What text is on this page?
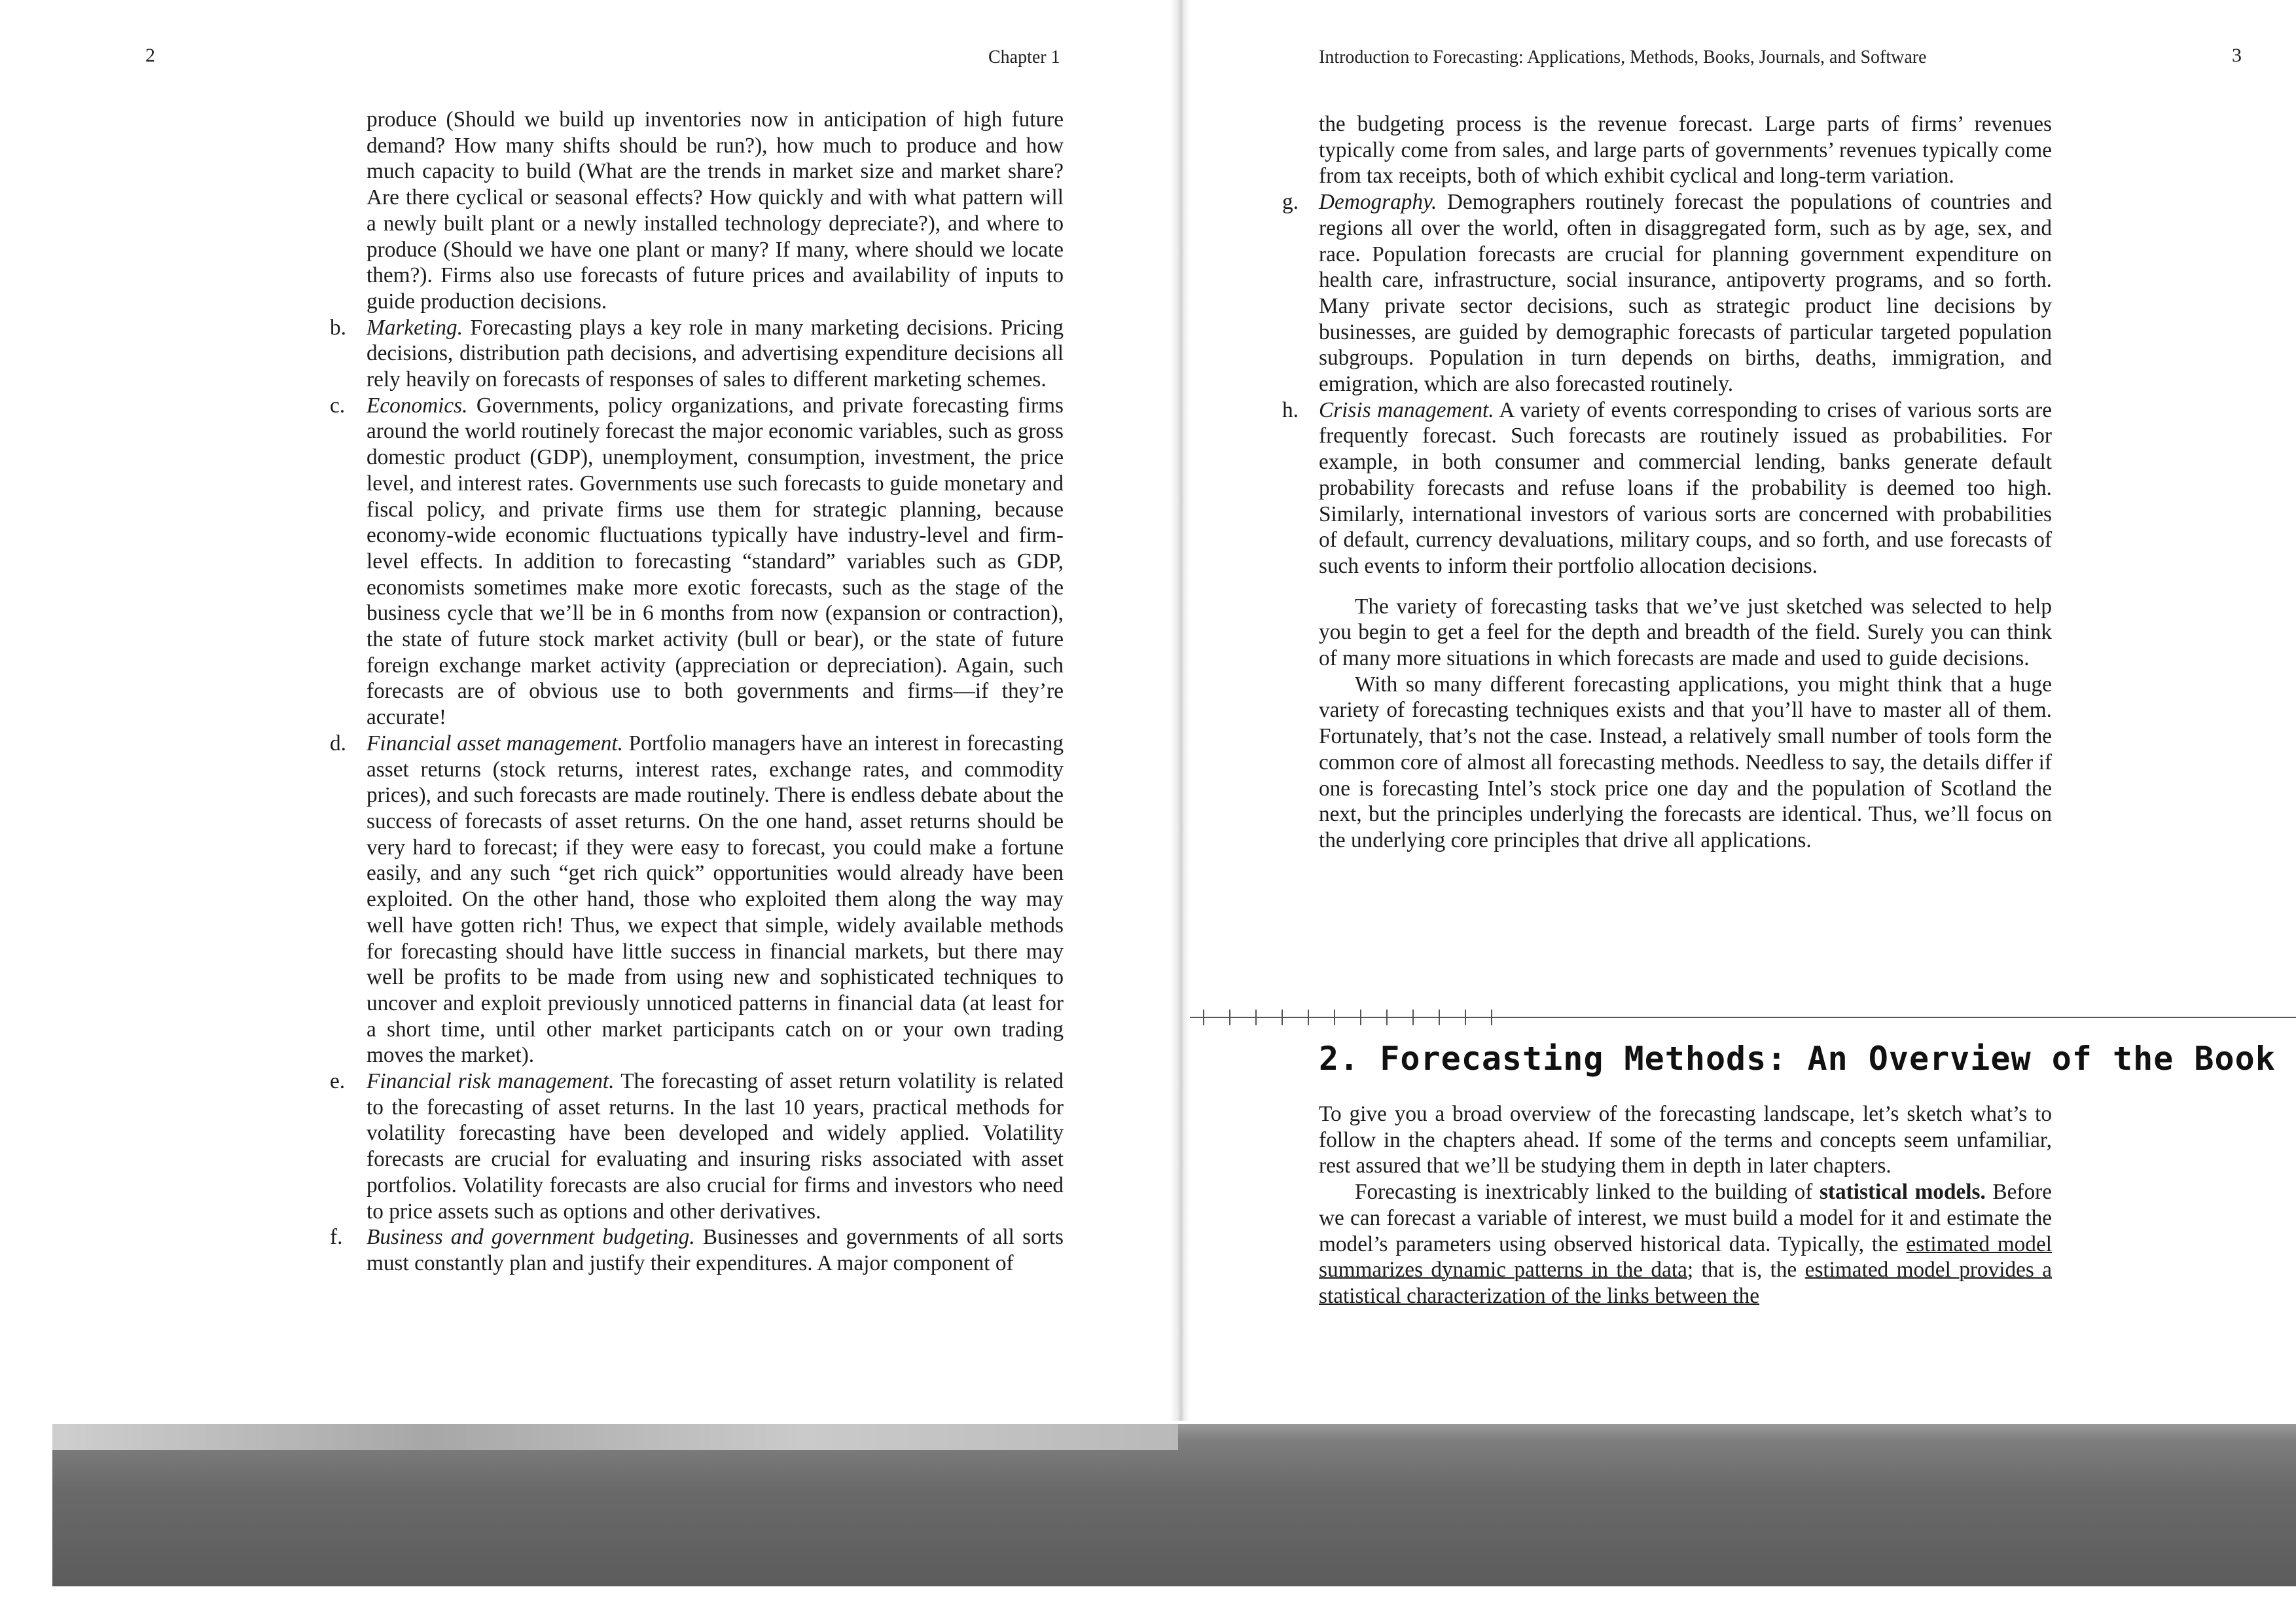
2	Chapter 1

produce (Should we build up inventories now in anticipation of high future demand? How many shifts should be run?), how much to produce and how much capacity to build (What are the trends in market size and market share? Are there cyclical or seasonal effects? How quickly and with what pattern will a newly built plant or a newly installed technology depreciate?), and where to produce (Should we have one plant or many? If many, where should we locate them?). Firms also use forecasts of future prices and availability of inputs to guide production decisions.

b. Marketing. Forecasting plays a key role in many marketing decisions. Pricing decisions, distribution path decisions, and advertising expenditure decisions all rely heavily on forecasts of responses of sales to different marketing schemes.
c. Economics. Governments, policy organizations, and private forecasting firms around the world routinely forecast the major economic variables, such as gross domestic product (GDP), unemployment, consumption, investment, the price level, and interest rates. Governments use such forecasts to guide monetary and fiscal policy, and private firms use them for strategic planning, because economy-wide economic fluctuations typically have industry-level and firm-level effects. In addition to forecasting “standard” variables such as GDP, economists sometimes make more exotic forecasts, such as the stage of the business cycle that we’ll be in 6 months from now (expansion or contraction), the state of future stock market activity (bull or bear), or the state of future foreign exchange market activity (appreciation or depreciation). Again, such forecasts are of obvious use to both governments and firms—if they’re accurate!
d. Financial asset management. Portfolio managers have an interest in forecasting asset returns (stock returns, interest rates, exchange rates, and commodity prices), and such forecasts are made routinely. There is endless debate about the success of forecasts of asset returns. On the one hand, asset returns should be very hard to forecast; if they were easy to forecast, you could make a fortune easily, and any such “get rich quick” opportunities would already have been exploited. On the other hand, those who exploited them along the way may well have gotten rich! Thus, we expect that simple, widely available methods for forecasting should have little success in financial markets, but there may well be profits to be made from using new and sophisticated techniques to uncover and exploit previously unnoticed patterns in financial data (at least for a short time, until other market participants catch on or your own trading moves the market).
e. Financial risk management. The forecasting of asset return volatility is related to the forecasting of asset returns. In the last 10 years, practical methods for volatility forecasting have been developed and widely applied. Volatility forecasts are crucial for evaluating and insuring risks associated with asset portfolios. Volatility forecasts are also crucial for firms and investors who need to price assets such as options and other derivatives.
f.	Business and government budgeting. Businesses and governments of all sorts must constantly plan and justify their expenditures. A major component of
Introduction to Forecasting: Applications, Methods, Books, Journals, and Software	3

the budgeting process is the revenue forecast. Large parts of firms’ revenues typically come from sales, and large parts of governments’ revenues typically come from tax receipts, both of which exhibit cyclical and long-term variation.

g. Demography. Demographers routinely forecast the populations of countries and regions all over the world, often in disaggregated form, such as by age, sex, and race. Population forecasts are crucial for planning government expenditure on health care, infrastructure, social insurance, antipoverty programs, and so forth. Many private sector decisions, such as strategic product line decisions by businesses, are guided by demographic forecasts of particular targeted population subgroups. Population in turn depends on births, deaths, immigration, and emigration, which are also forecasted routinely.
h. Crisis management. A variety of events corresponding to crises of various sorts are frequently forecast. Such forecasts are routinely issued as probabilities. For example, in both consumer and commercial lending, banks generate default probability forecasts and refuse loans if the probability is deemed too high. Similarly, international investors of various sorts are concerned with probabilities of default, currency devaluations, military coups, and so forth, and use forecasts of such events to inform their portfolio allocation decisions.

The variety of forecasting tasks that we’ve just sketched was selected to help you begin to get a feel for the depth and breadth of the field. Surely you can think of many more situations in which forecasts are made and used to guide decisions.

With so many different forecasting applications, you might think that a huge variety of forecasting techniques exists and that you’ll have to master all of them. Fortunately, that’s not the case. Instead, a relatively small number of tools form the common core of almost all forecasting methods. Needless to say, the details differ if one is forecasting Intel’s stock price one day and the population of Scotland the next, but the principles underlying the forecasts are identical. Thus, we’ll focus on the underlying core principles that drive all applications.

2. Forecasting Methods: An Overview of the Book

To give you a broad overview of the forecasting landscape, let’s sketch what’s to follow in the chapters ahead. If some of the terms and concepts seem unfamiliar, rest assured that we’ll be studying them in depth in later chapters.

Forecasting is inextricably linked to the building of statistical models. Before we can forecast a variable of interest, we must build a model for it and estimate the model’s parameters using observed historical data. Typically, the estimated model summarizes dynamic patterns in the data; that is, the estimated model provides a statistical characterization of the links between the
